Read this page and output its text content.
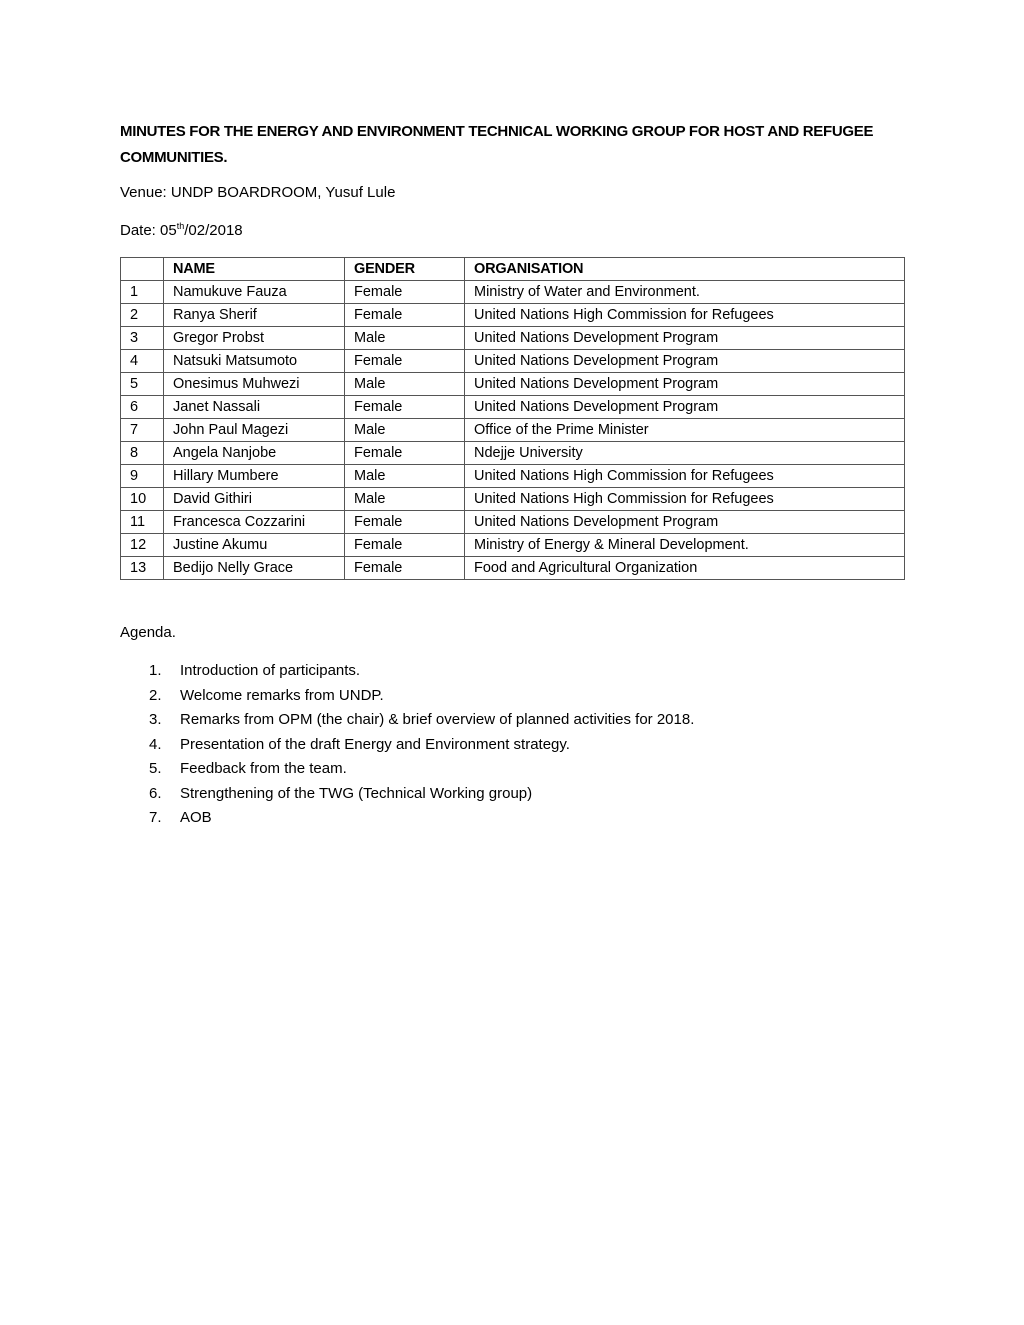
MINUTES FOR THE ENERGY AND ENVIRONMENT TECHNICAL WORKING GROUP FOR HOST AND REFUGEE COMMUNITIES.
Venue: UNDP BOARDROOM, Yusuf Lule
Date: 05th/02/2018
	NAME	GENDER	ORGANISATION
1	Namukuve Fauza	Female	Ministry of Water and Environment.
2	Ranya Sherif	Female	United Nations High Commission for Refugees
3	Gregor Probst	Male	United Nations Development Program
4	Natsuki Matsumoto	Female	United Nations Development Program
5	Onesimus Muhwezi	Male	United Nations Development Program
6	Janet Nassali	Female	United Nations Development Program
7	John Paul Magezi	Male	Office of the Prime Minister
8	Angela Nanjobe	Female	Ndejje University
9	Hillary Mumbere	Male	United Nations High Commission for Refugees
10	David Githiri	Male	United Nations High Commission for Refugees
11	Francesca Cozzarini	Female	United Nations Development Program
12	Justine Akumu	Female	Ministry of Energy & Mineral Development.
13	Bedijo Nelly Grace	Female	Food and Agricultural Organization
Agenda.
1.	Introduction of participants.
2.	Welcome remarks from UNDP.
3.	Remarks from OPM (the chair) & brief overview of planned activities for 2018.
4.	Presentation of the draft Energy and Environment strategy.
5.	Feedback from the team.
6.	Strengthening of the TWG (Technical Working group)
7.	AOB
